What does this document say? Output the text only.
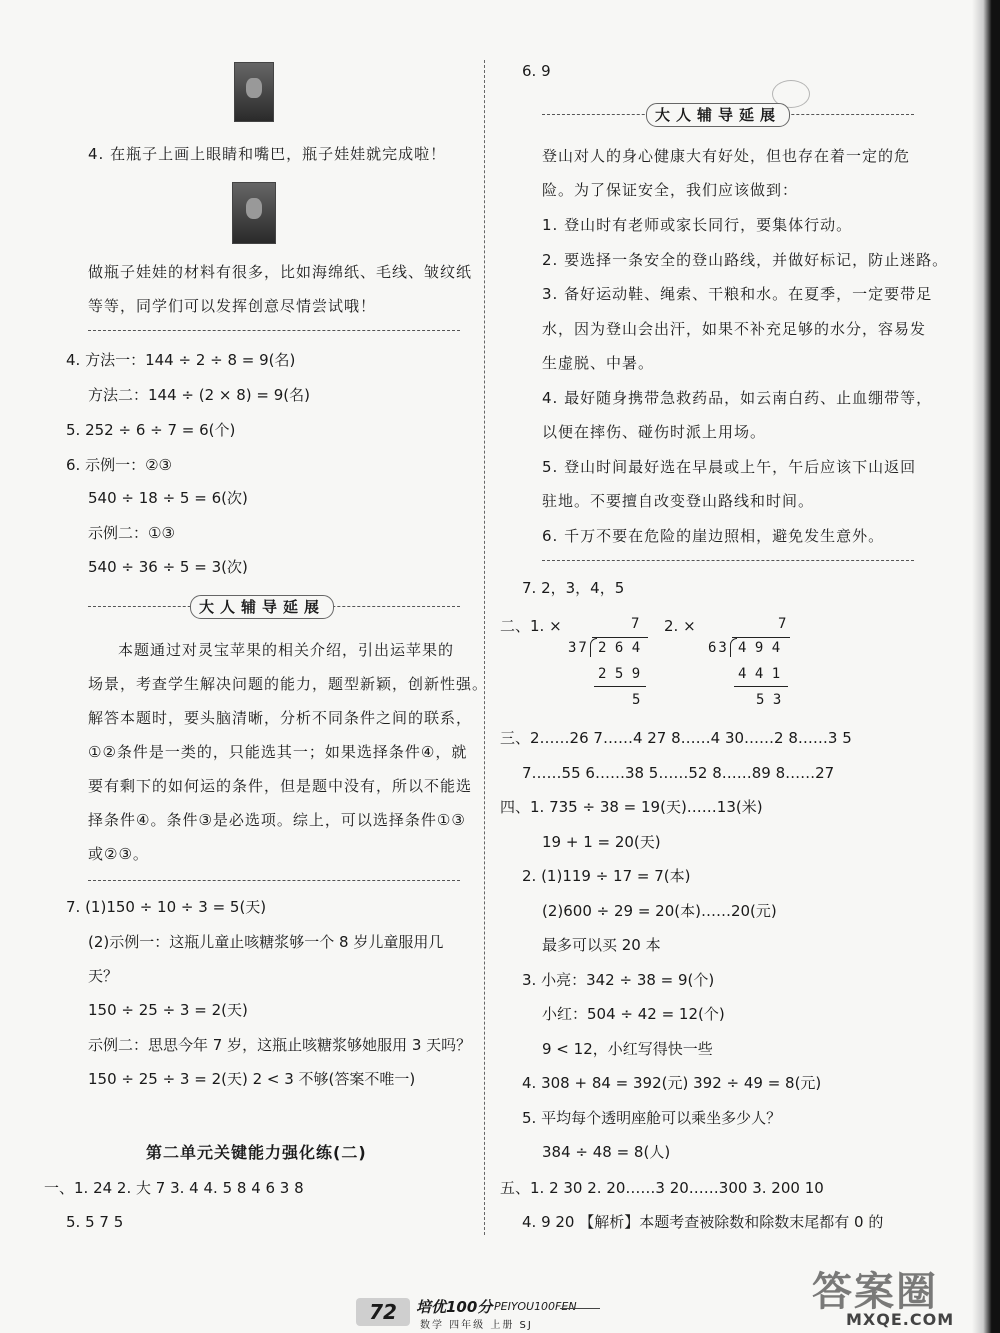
4. 在瓶子上画上眼睛和嘴巴，瓶子娃娃就完成啦！
做瓶子娃娃的材料有很多，比如海绵纸、毛线、皱纹纸
等等，同学们可以发挥创意尽情尝试哦！
4. 方法一：144 ÷ 2 ÷ 8 = 9(名)
方法二：144 ÷ (2 × 8) = 9(名)
5. 252 ÷ 6 ÷ 7 = 6(个)
6. 示例一：②③
540 ÷ 18 ÷ 5 = 6(次)
示例二：①③
540 ÷ 36 ÷ 5 = 3(次)
大人辅导延展
本题通过对灵宝苹果的相关介绍，引出运苹果的
场景，考查学生解决问题的能力，题型新颖，创新性强。
解答本题时，要头脑清晰，分析不同条件之间的联系，
①②条件是一类的，只能选其一；如果选择条件④，就
要有剩下的如何运的条件，但是题中没有，所以不能选
择条件④。条件③是必选项。综上，可以选择条件①③
或②③。
7. (1)150 ÷ 10 ÷ 3 = 5(天)
(2)示例一：这瓶儿童止咳糖浆够一个 8 岁儿童服用几
天？
150 ÷ 25 ÷ 3 = 2(天)
示例二：思思今年 7 岁，这瓶止咳糖浆够她服用 3 天吗？
150 ÷ 25 ÷ 3 = 2(天) 2 < 3 不够(答案不唯一)
第二单元关键能力强化练(二)
一、1. 24 2. 大 7 3. 4 4. 5 8 4 6 3 8
5. 5 7 5
6. 9
大人辅导延展
登山对人的身心健康大有好处，但也存在着一定的危
险。为了保证安全，我们应该做到：
1. 登山时有老师或家长同行，要集体行动。
2. 要选择一条安全的登山路线，并做好标记，防止迷路。
3. 备好运动鞋、绳索、干粮和水。在夏季，一定要带足
水，因为登山会出汗，如果不补充足够的水分，容易发
生虚脱、中暑。
4. 最好随身携带急救药品，如云南白药、止血绷带等，
以便在摔伤、碰伤时派上用场。
5. 登山时间最好选在早晨或上午，午后应该下山返回
驻地。不要擅自改变登山路线和时间。
6. 千万不要在危险的崖边照相，避免发生意外。
7. 2，3，4，5
二、1. ×	7
37 2 6 4
2 5 9
5
2. ×	7
63 4 9 4
4 4 1
5 3
三、2……26 7……4 27 8……4 30……2 8……3 5
7……55 6……38 5……52 8……89 8……27
四、1. 735 ÷ 38 = 19(天)……13(米)
19 + 1 = 20(天)
2. (1)119 ÷ 17 = 7(本)
(2)600 ÷ 29 = 20(本)……20(元)
最多可以买 20 本
3. 小亮：342 ÷ 38 = 9(个)
小红：504 ÷ 42 = 12(个)
9 < 12，小红写得快一些
4. 308 + 84 = 392(元) 392 ÷ 49 = 8(元)
5. 平均每个透明座舱可以乘坐多少人？
384 ÷ 48 = 8(人)
五、1. 2 30 2. 20……3 20……300 3. 200 10
4. 9 20 【解析】本题考查被除数和除数末尾都有 0 的
72	培优100分 PEIYOU100FEN
数学 四年级 上册 SJ
答案圈
MXQE.COM
